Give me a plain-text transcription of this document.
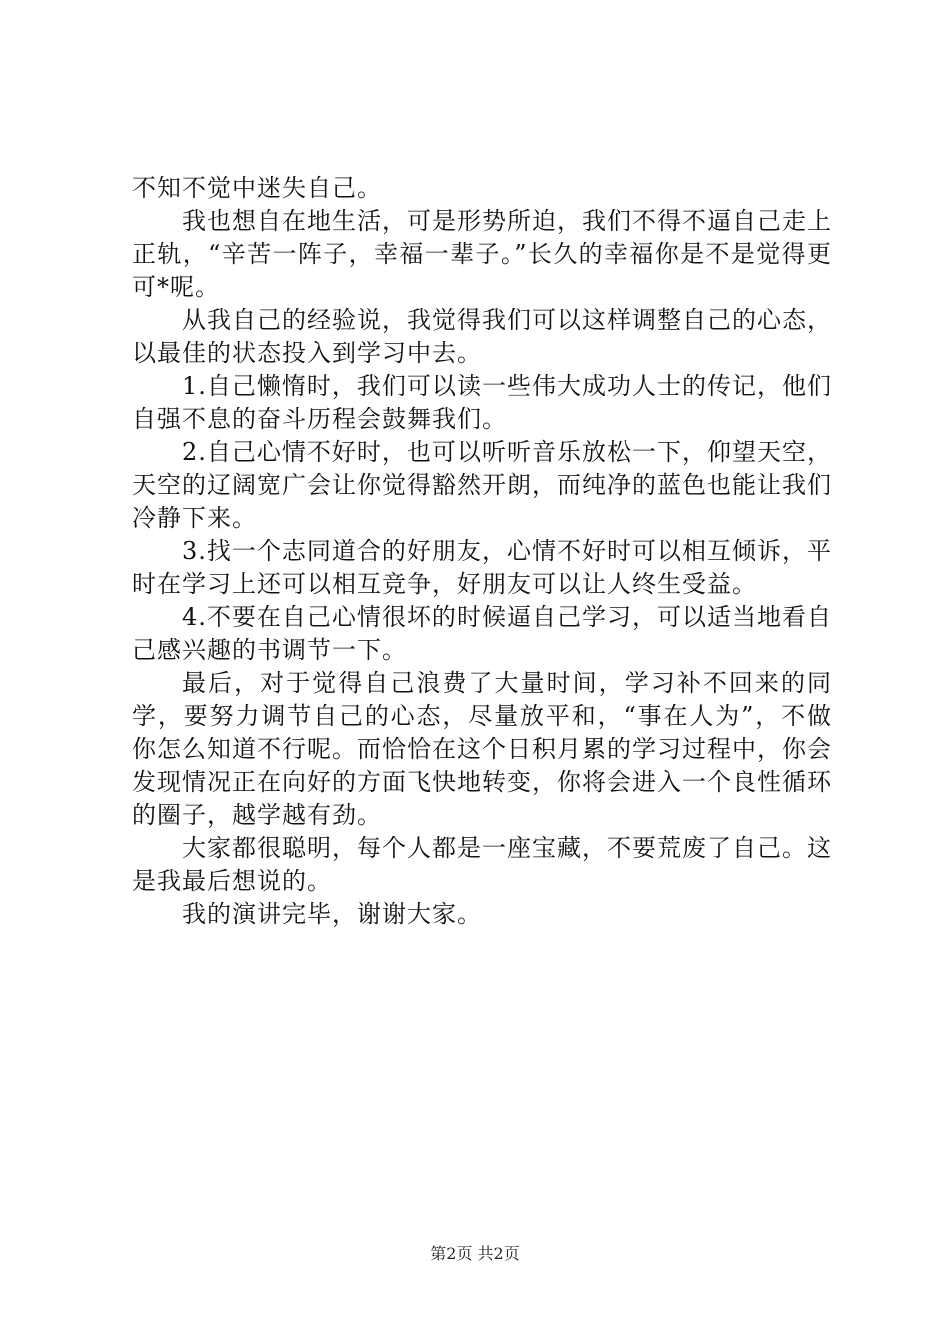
不知不觉中迷失自己。

我也想自在地生活，可是形势所迫，我们不得不逼自己走上正轨，“辛苦一阵子，幸福一辈子。”长久的幸福你是不是觉得更可*呢。

从我自己的经验说，我觉得我们可以这样调整自己的心态，以最佳的状态投入到学习中去。

1.自己懒惰时，我们可以读一些伟大成功人士的传记，他们自强不息的奋斗历程会鼓舞我们。

2.自己心情不好时，也可以听听音乐放松一下，仰望天空，天空的辽阔宽广会让你觉得豁然开朗，而纯净的蓝色也能让我们冷静下来。

3.找一个志同道合的好朋友，心情不好时可以相互倾诉，平时在学习上还可以相互竞争，好朋友可以让人终生受益。

4.不要在自己心情很坏的时候逼自己学习，可以适当地看自己感兴趣的书调节一下。

最后，对于觉得自己浪费了大量时间，学习补不回来的同学，要努力调节自己的心态，尽量放平和，“事在人为”，不做你怎么知道不行呢。而恰恰在这个日积月累的学习过程中，你会发现情况正在向好的方面飞快地转变，你将会进入一个良性循环的圈子，越学越有劲。

大家都很聪明，每个人都是一座宝藏，不要荒废了自己。这是我最后想说的。

我的演讲完毕，谢谢大家。

第2页 共2页
